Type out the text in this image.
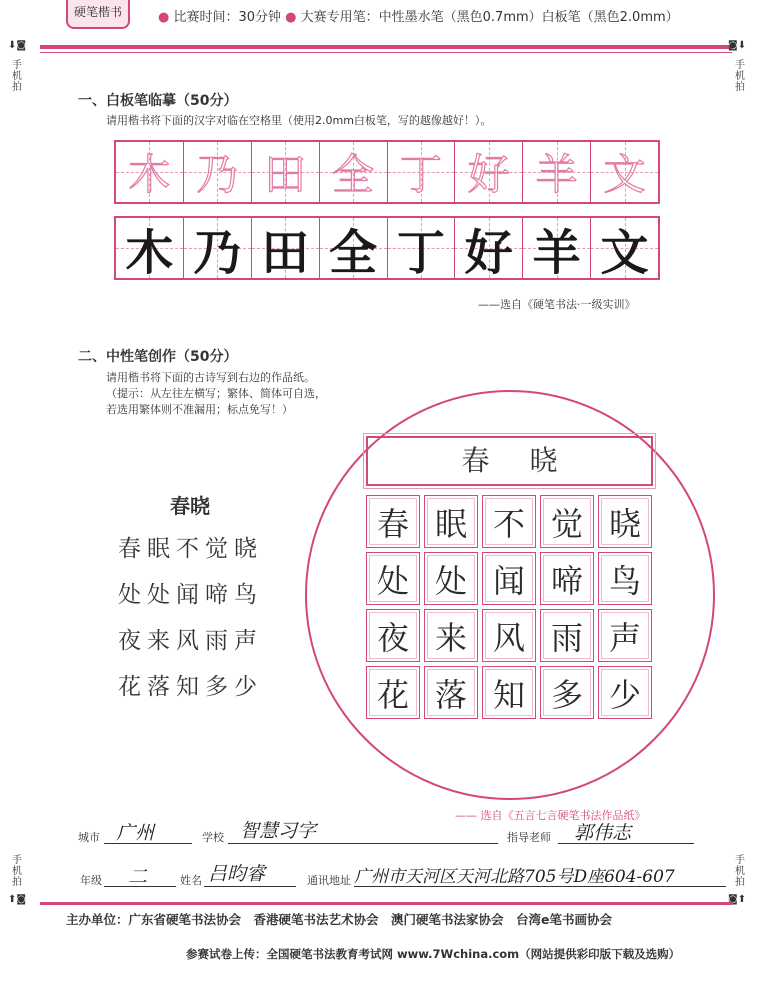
硬笔楷书	● 比赛时间：30分钟 ● 大赛专用笔：中性墨水笔（黑色0.7mm）白板笔（黑色2.0mm）
⬇◙
手
机
拍
◙⬇
手
机
拍
一、白板笔临摹（50分）
请用楷书将下面的汉字对临在空格里（使用2.0mm白板笔，写的越像越好！）。
木 乃 田 全 丁 好 羊 文
木 乃 田 全 丁 好 羊 文
——选自《硬笔书法·一级实训》
二、中性笔创作（50分）
请用楷书将下面的古诗写到右边的作品纸。
（提示：从左往左横写；繁体、简体可自选，
若选用繁体则不准漏用；标点免写！）
春晓
春眠不觉晓
处处闻啼鸟
夜来风雨声
花落知多少
春晓
春 眠 不 觉 晓
处 处 闻 啼 鸟
夜 来 风 雨 声
花 落 知 多 少
—— 选自《五言七言硬笔书法作品纸》
城市 广州	学校 智慧习字	指导老师 郭伟志
年级 二	姓名 吕昀睿	通讯地址 广州市天河区天河北路705号D座604-607
手
机
拍
⬆◙
手
机
拍
◙⬆
主办单位：广东省硬笔书法协会　香港硬笔书法艺术协会　澳门硬笔书法家协会　台湾e笔书画协会
参赛试卷上传：全国硬笔书法教育考试网 www.7Wchina.com（网站提供彩印版下载及选购）
